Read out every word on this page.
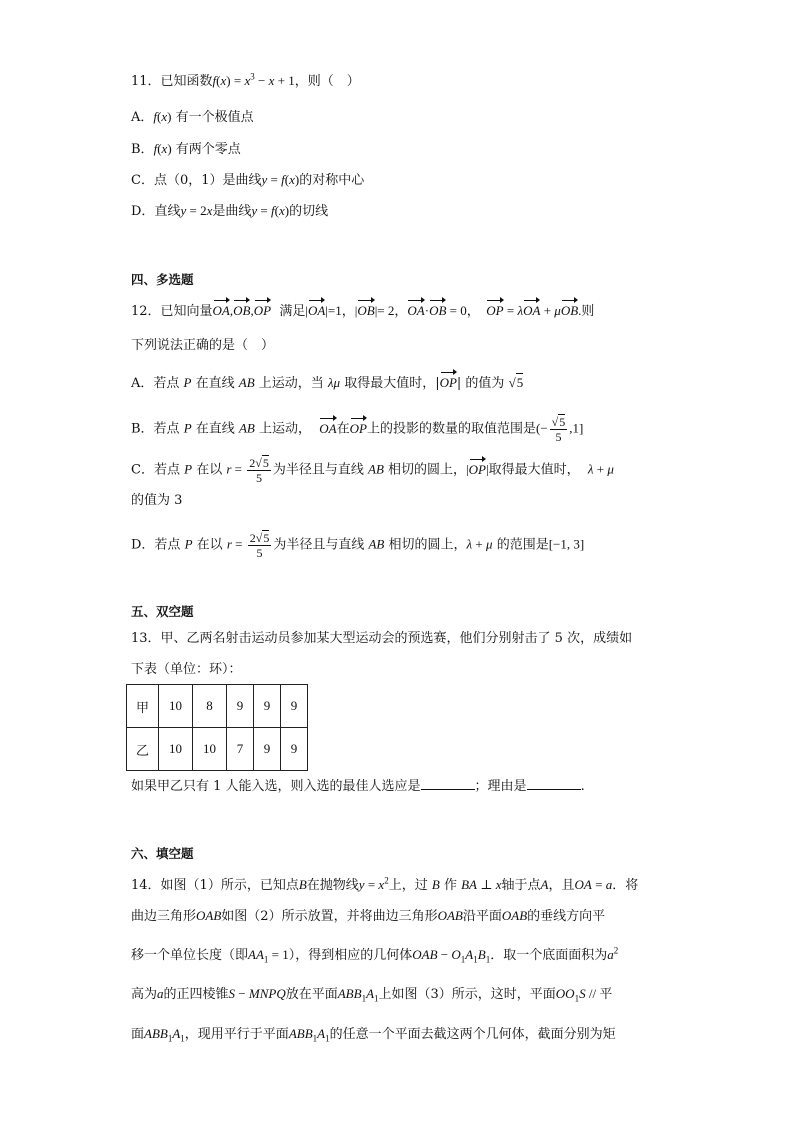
11．已知函数$f(x) = x^3 - x + 1$，则（　）
A．f(x) 有一个极值点
B．f(x) 有两个零点
C．点（0，1）是曲线y = f(x)的对称中心
D．直线y = 2x是曲线y = f(x)的切线
四、多选题
12．已知向量OA,OB,OP 满足|OA|=1，|OB|= 2，OA·OB = 0，  OP = λOA + μOB.则
下列说法正确的是（　）
A．若点 P 在直线 AB 上运动，当 λμ 取得最大值时，|OP| 的值为 √5
B．若点 P 在直线 AB 上运动， OA在OP上的投影的数量的取值范围是(− $\frac{√5}{5} ,1$]
C．若点 P 在以 $r = \frac{2√5}{5}$ 为半径且与直线 AB 相切的圆上，|OP|取得最大值时， λ + μ
的值为 3
D．若点 P 在以 $r = \frac{2√5}{5}$ 为半径且与直线 AB 相切的圆上，λ + μ 的范围是[−1, 3]
五、双空题
13．甲、乙两名射击运动员参加某大型运动会的预选赛，他们分别射击了 5 次，成绩如
下表（单位：环）：
甲	10	8	9	9	9
乙	10	10	7	9	9
如果甲乙只有 1 人能入选，则入选的最佳人选应是	；理由是	.
六、填空题
14．如图（1）所示，已知点B在抛物线$y = x^2$上，过 B 作 BA ⊥ x轴于点A，且OA = a．将
曲边三角形OAB如图（2）所示放置，并将曲边三角形OAB沿平面OAB的垂线方向平
移一个单位长度（即$AA_1 = 1$），得到相应的几何体OAB − $O_1A_1B_1$．取一个底面面积为$a^2$
高为a的正四棱锥S − MNPQ放在平面$ABB_1A_1$上如图（3）所示，这时，平面$OO_1S$ // 平
面$ABB_1A_1$，现用平行于平面$ABB_1A_1$的任意一个平面去截这两个几何体，截面分别为矩
